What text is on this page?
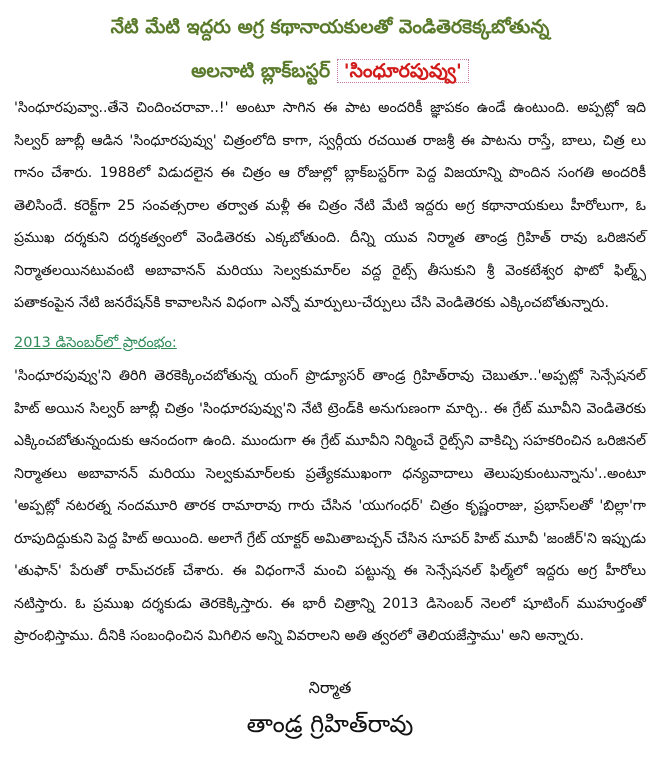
నేటి మేటి ఇద్దరు అగ్ర కథానాయకులతో వెండితెరకెక్కబోతున్న
అలనాటి బ్లాక్‌బస్టర్ 'సింధూరపువ్వు'
'సింధూరపువ్వా..తేనె చిందించరావా..!' అంటూ సాగిన ఈ పాట అందరికీ జ్ఞాపకం ఉండే ఉంటుంది. అప్పట్లో ఇది సిల్వర్ జూబ్లీ ఆడిన 'సింధూరపువ్వు' చిత్రంలోది కాగా, స్వర్గీయ రచయిత రాజశ్రీ ఈ పాటను రాస్తే, బాలు, చిత్ర లు గానం చేశారు. 1988లో విడుదలైన ఈ చిత్రం ఆ రోజుల్లో బ్లాక్‌బస్టర్‌గా పెద్ద విజయాన్ని పొందిన సంగతి అందరికీ తెలిసిందే. కరెక్ట్‌గా 25 సంవత్సరాల తర్వాత మళ్లీ ఈ చిత్రం నేటి మేటి ఇద్దరు అగ్ర కథానాయకులు హీరోలుగా, ఓ ప్రముఖ దర్శకుని దర్శకత్వంలో వెండితెరకు ఎక్కబోతుంది. దీన్ని యువ నిర్మాత తాండ్ర గ్రిహిత్ రావు ఒరిజినల్ నిర్మాతలయినటువంటి అబావానన్ మరియు సెల్వకుమార్‌ల వద్ద రైట్స్ తీసుకుని శ్రీ వెంకటేశ్వర ఫొటో ఫిల్మ్స్ పతాకంపైన నేటి జనరేషన్‌కి కావాలసిన విధంగా ఎన్నో మార్పులు-చేర్పులు చేసి వెండితెరకు ఎక్కించబోతున్నారు.
2013 డిసెంబర్‌లో ప్రారంభం:
'సింధూరపువ్వు'ని తిరిగి తెరకెక్కించబోతున్న యంగ్ ప్రొడ్యూసర్ తాండ్ర గ్రిహిత్‌రావు చెబుతూ..'అప్పట్లో సెన్సేషనల్ హిట్ అయిన సిల్వర్ జూబ్లీ చిత్రం 'సింధూరపువ్వు'ని నేటి ట్రెండ్‌కి అనుగుణంగా మార్చి.. ఈ గ్రేట్ మూవీని వెండితెరకు ఎక్కించబోతున్నందుకు ఆనందంగా ఉంది. ముందుగా ఈ గ్రేట్ మూవీని నిర్మించే రైట్స్‌ని వాకిచ్చి సహకరించిన ఒరిజినల్ నిర్మాతలు అబావానన్ మరియు సెల్వకుమార్‌లకు ప్రత్యేకముఖంగా ధన్యవాదాలు తెలుపుకుంటున్నాను'..అంటూ 'అప్పట్లో నటరత్న నందమూరి తారక రామారావు గారు చేసిన 'యుగంధర్' చిత్రం కృష్ణంరాజు, ప్రభాస్‌లతో 'బిల్లా'గా రూపుదిద్దుకుని పెద్ద హిట్ అయింది. అలాగే గ్రేట్ యాక్టర్ అమితాబచ్చన్ చేసిన సూపర్ హిట్ మూవీ 'జంజీర్'ని ఇప్పుడు 'తుఫాన్' పేరుతో రామ్‌చరణ్ చేశారు. ఈ విధంగానే మంచి పట్టున్న ఈ సెన్సేషనల్ ఫిల్మ్‌లో ఇద్దరు అగ్ర హీరోలు నటిస్తారు. ఓ ప్రముఖ దర్శకుడు తెరకెక్కిస్తారు. ఈ భారీ చిత్రాన్ని 2013 డిసెంబర్ నెలలో షూటింగ్ ముహుర్తంతో ప్రారంభిస్తాము. దీనికి సంబంధించిన మిగిలిన అన్ని వివరాలని అతి త్వరలో తెలియజేస్తాము' అని అన్నారు.
నిర్మాత
తాండ్ర గ్రిహిత్‌రావు
